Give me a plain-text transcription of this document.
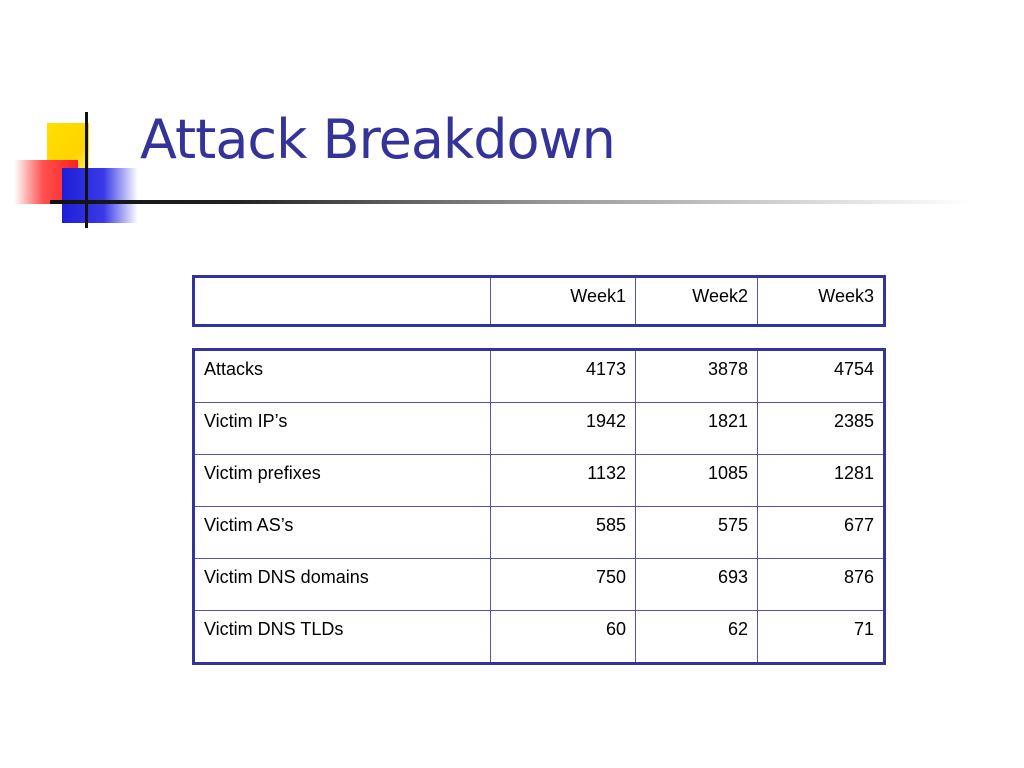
Attack Breakdown
	Week1	Week2	Week3
Attacks	4173	3878	4754
Victim IP’s	1942	1821	2385
Victim prefixes	1132	1085	1281
Victim AS’s	585	575	677
Victim DNS domains	750	693	876
Victim DNS TLDs	60	62	71
